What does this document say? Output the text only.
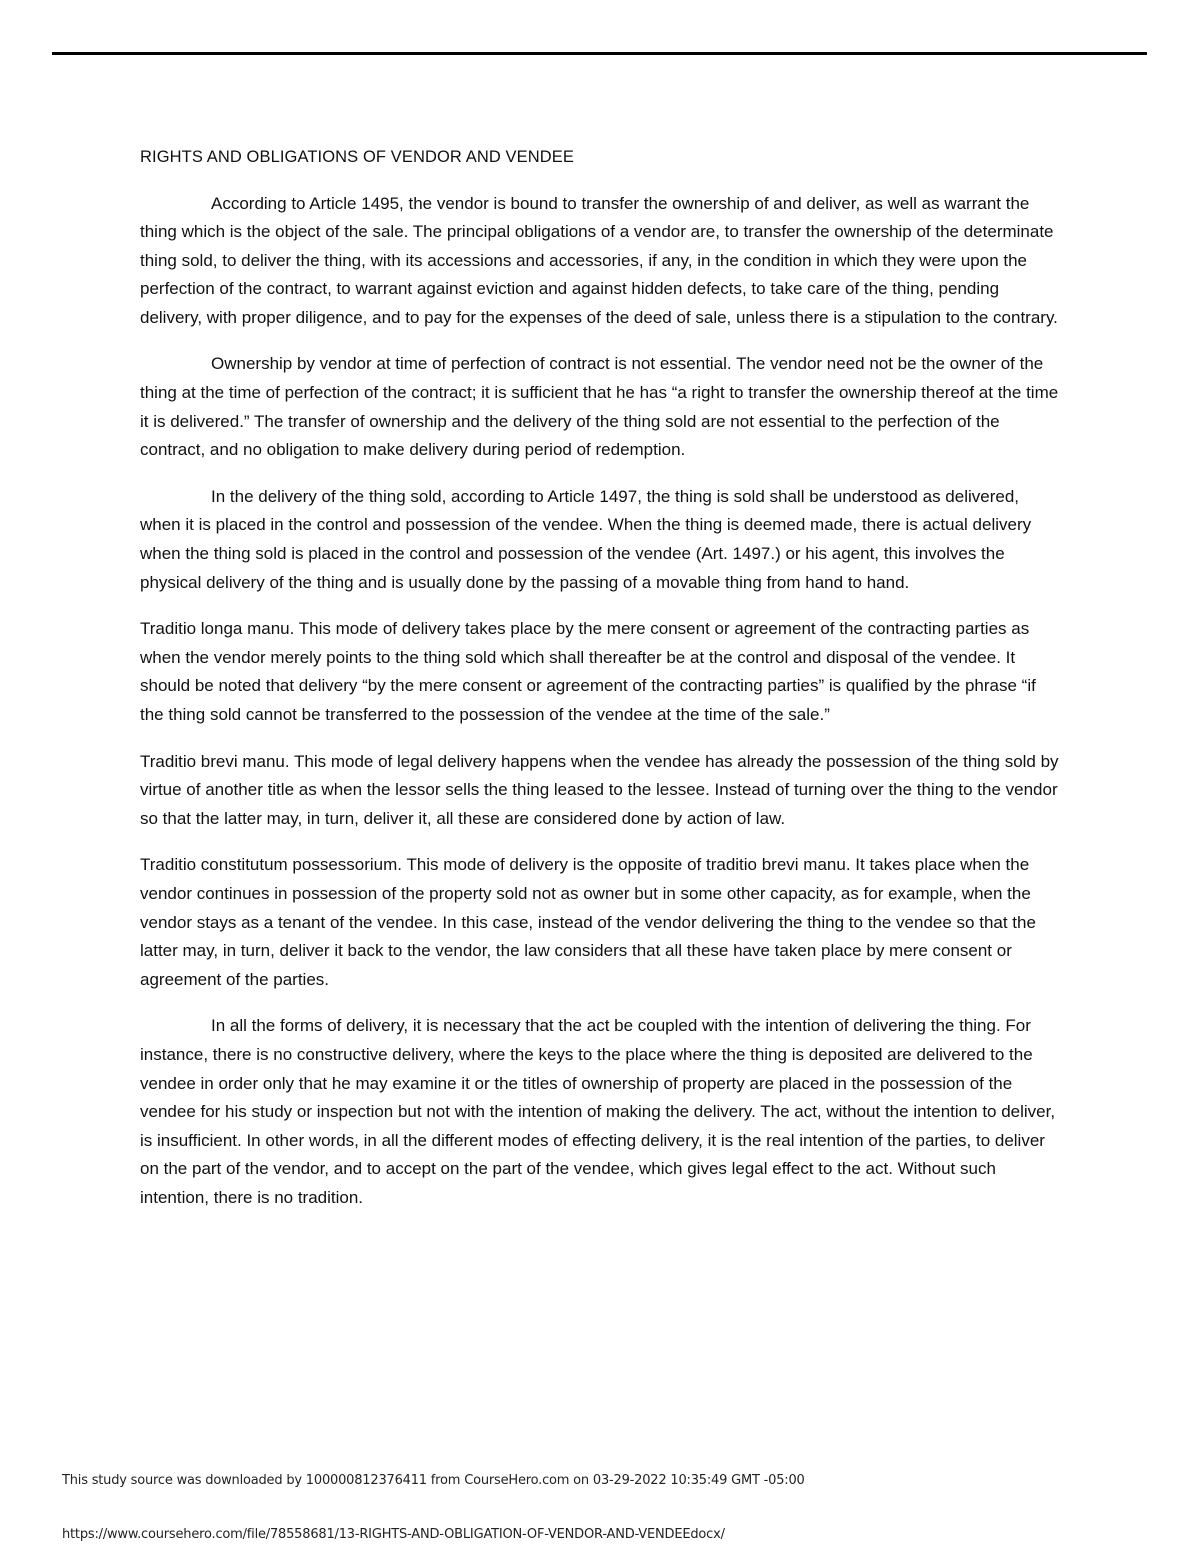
RIGHTS AND OBLIGATIONS OF VENDOR AND VENDEE

According to Article 1495, the vendor is bound to transfer the ownership of and deliver, as well as warrant the thing which is the object of the sale. The principal obligations of a vendor are, to transfer the ownership of the determinate thing sold, to deliver the thing, with its accessions and accessories, if any, in the condition in which they were upon the perfection of the contract, to warrant against eviction and against hidden defects, to take care of the thing, pending delivery, with proper diligence, and to pay for the expenses of the deed of sale, unless there is a stipulation to the contrary.

Ownership by vendor at time of perfection of contract is not essential. The vendor need not be the owner of the thing at the time of perfection of the contract; it is sufficient that he has “a right to transfer the ownership thereof at the time it is delivered.” The transfer of ownership and the delivery of the thing sold are not essential to the perfection of the contract, and no obligation to make delivery during period of redemption.

In the delivery of the thing sold, according to Article 1497, the thing is sold shall be understood as delivered, when it is placed in the control and possession of the vendee. When the thing is deemed made, there is actual delivery when the thing sold is placed in the control and possession of the vendee (Art. 1497.) or his agent, this involves the physical delivery of the thing and is usually done by the passing of a movable thing from hand to hand.

Traditio longa manu. This mode of delivery takes place by the mere consent or agreement of the contracting parties as when the vendor merely points to the thing sold which shall thereafter be at the control and disposal of the vendee. It should be noted that delivery “by the mere consent or agreement of the contracting parties” is qualified by the phrase “if the thing sold cannot be transferred to the possession of the vendee at the time of the sale.”

Traditio brevi manu. This mode of legal delivery happens when the vendee has already the possession of the thing sold by virtue of another title as when the lessor sells the thing leased to the lessee. Instead of turning over the thing to the vendor so that the latter may, in turn, deliver it, all these are considered done by action of law.

Traditio constitutum possessorium. This mode of delivery is the opposite of traditio brevi manu. It takes place when the vendor continues in possession of the property sold not as owner but in some other capacity, as for example, when the vendor stays as a tenant of the vendee. In this case, instead of the vendor delivering the thing to the vendee so that the latter may, in turn, deliver it back to the vendor, the law considers that all these have taken place by mere consent or agreement of the parties.

In all the forms of delivery, it is necessary that the act be coupled with the intention of delivering the thing. For instance, there is no constructive delivery, where the keys to the place where the thing is deposited are delivered to the vendee in order only that he may examine it or the titles of ownership of property are placed in the possession of the vendee for his study or inspection but not with the intention of making the delivery. The act, without the intention to deliver, is insufficient. In other words, in all the different modes of effecting delivery, it is the real intention of the parties, to deliver on the part of the vendor, and to accept on the part of the vendee, which gives legal effect to the act. Without such intention, there is no tradition.

This study source was downloaded by 100000812376411 from CourseHero.com on 03-29-2022 10:35:49 GMT -05:00
https://www.coursehero.com/file/78558681/13-RIGHTS-AND-OBLIGATION-OF-VENDOR-AND-VENDEEdocx/
